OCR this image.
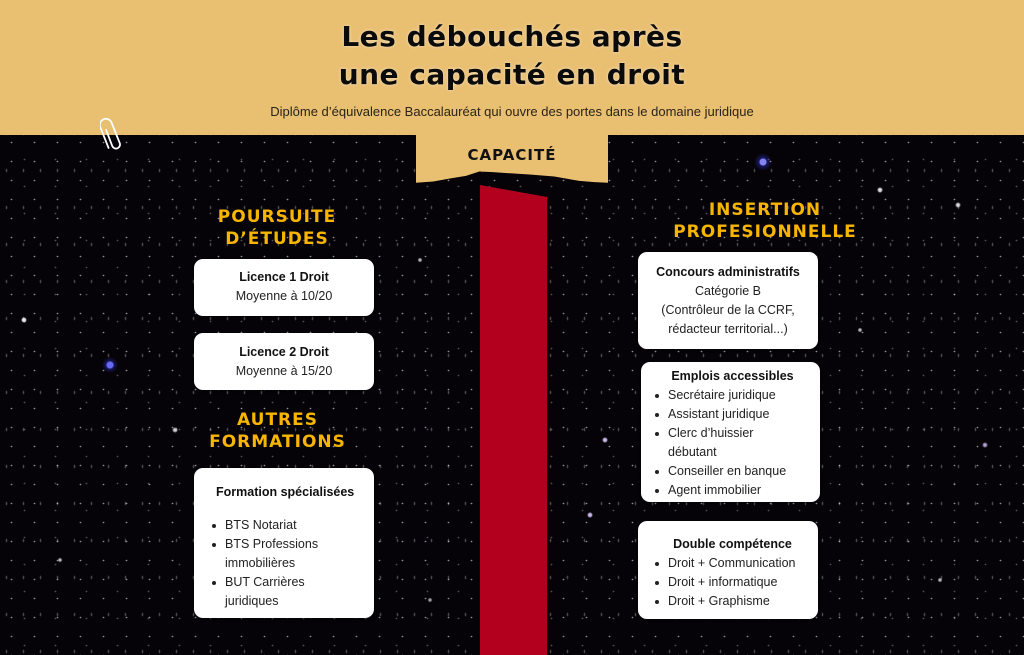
Les débouchés après
une capacité en droit
Diplôme d’équivalence Baccalauréat qui ouvre des portes dans le domaine juridique
CAPACITÉ
POURSUITE
D’ÉTUDES
Licence 1 Droit
Moyenne à 10/20
Licence 2 Droit
Moyenne à 15/20
AUTRES
FORMATIONS
Formation spécialisées
BTS Notariat
BTS Professions immobilières
BUT Carrières juridiques
INSERTION
PROFESIONNELLE
Concours administratifs
Catégorie B
(Contrôleur de la CCRF,
rédacteur territorial...)
Emplois accessibles
Secrétaire juridique
Assistant juridique
Clerc d’huissier débutant
Conseiller en banque
Agent immobilier
Double compétence
Droit + Communication
Droit + informatique
Droit + Graphisme
